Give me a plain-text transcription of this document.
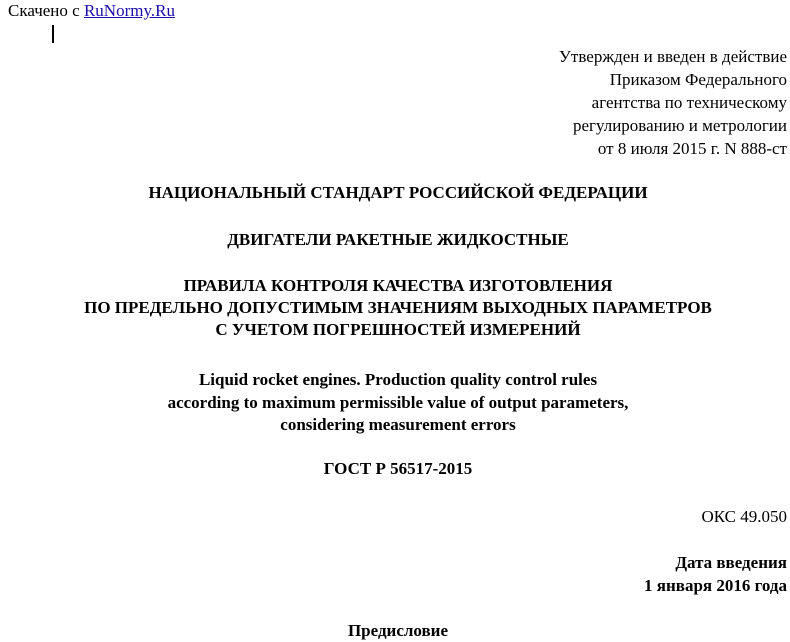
Скачено с RuNormy.Ru
Утвержден и введен в действие
Приказом Федерального
агентства по техническому
регулированию и метрологии
от 8 июля 2015 г. N 888-ст
НАЦИОНАЛЬНЫЙ СТАНДАРТ РОССИЙСКОЙ ФЕДЕРАЦИИ
ДВИГАТЕЛИ РАКЕТНЫЕ ЖИДКОСТНЫЕ
ПРАВИЛА КОНТРОЛЯ КАЧЕСТВА ИЗГОТОВЛЕНИЯ
ПО ПРЕДЕЛЬНО ДОПУСТИМЫМ ЗНАЧЕНИЯМ ВЫХОДНЫХ ПАРАМЕТРОВ
С УЧЕТОМ ПОГРЕШНОСТЕЙ ИЗМЕРЕНИЙ
Liquid rocket engines. Production quality control rules
according to maximum permissible value of output parameters,
considering measurement errors
ГОСТ Р 56517-2015
ОКС 49.050
Дата введения
1 января 2016 года
Предисловие
